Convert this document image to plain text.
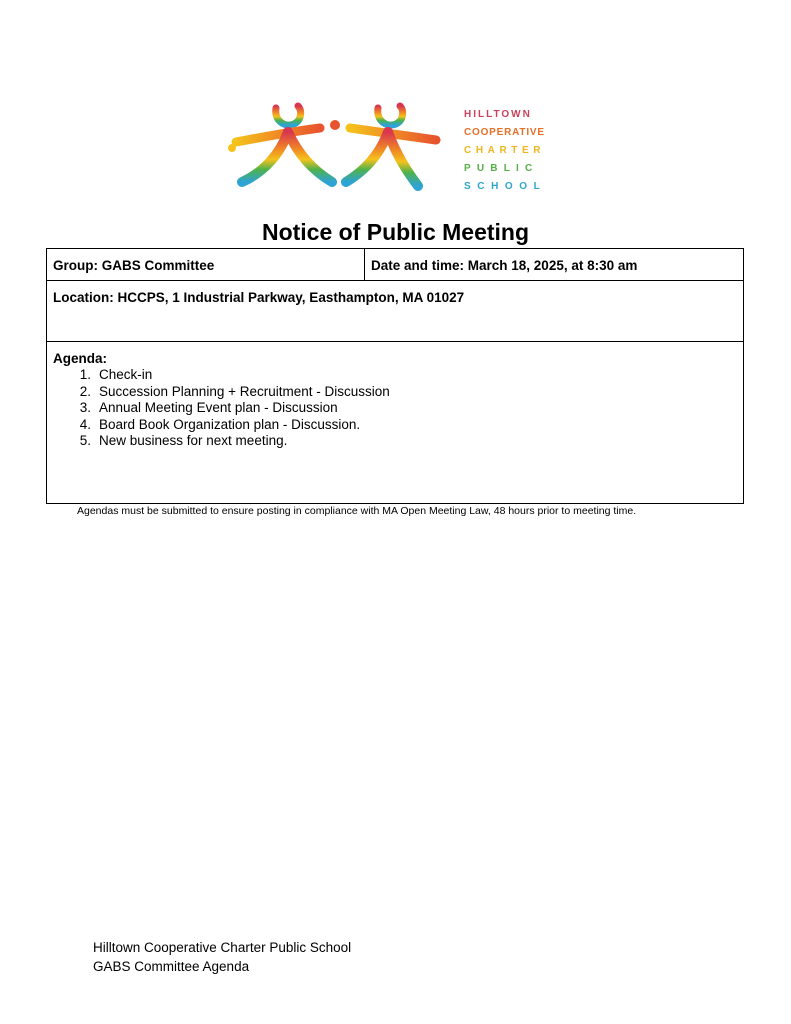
HILLTOWN
COOPERATIVE
CHARTER
PUBLIC
SCHOOL
Notice of Public Meeting
Group: GABS Committee	Date and time: March 18, 2025, at 8:30 am
Location: HCCPS, 1 Industrial Parkway, Easthampton, MA 01027
Agenda:
1. Check-in
2. Succession Planning + Recruitment - Discussion
3. Annual Meeting Event plan - Discussion
4. Board Book Organization plan - Discussion.
5. New business for next meeting.
Agendas must be submitted to ensure posting in compliance with MA Open Meeting Law, 48 hours prior to meeting time.
Hilltown Cooperative Charter Public School
GABS Committee Agenda
